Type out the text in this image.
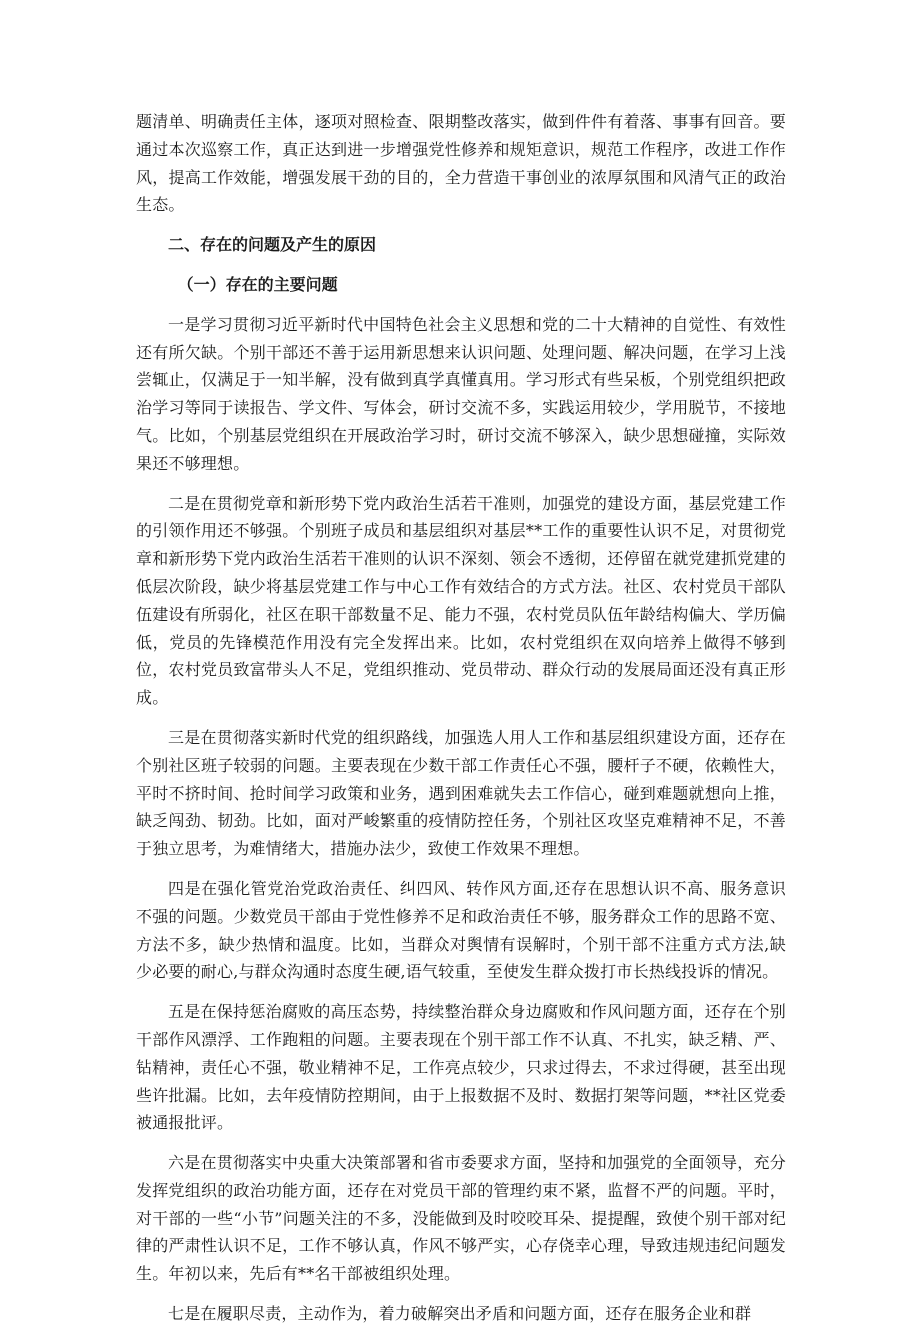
题清单、明确责任主体，逐项对照检查、限期整改落实，做到件件有着落、事事有回音。要通过本次巡察工作，真正达到进一步增强党性修养和规矩意识，规范工作程序，改进工作作风，提高工作效能，增强发展干劲的目的，全力营造干事创业的浓厚氛围和风清气正的政治生态。

二、存在的问题及产生的原因

（一）存在的主要问题

一是学习贯彻习近平新时代中国特色社会主义思想和党的二十大精神的自觉性、有效性还有所欠缺。个别干部还不善于运用新思想来认识问题、处理问题、解决问题，在学习上浅尝辄止，仅满足于一知半解，没有做到真学真懂真用。学习形式有些呆板，个别党组织把政治学习等同于读报告、学文件、写体会，研讨交流不多，实践运用较少，学用脱节，不接地气。比如，个别基层党组织在开展政治学习时，研讨交流不够深入，缺少思想碰撞，实际效果还不够理想。

二是在贯彻党章和新形势下党内政治生活若干准则，加强党的建设方面，基层党建工作的引领作用还不够强。个别班子成员和基层组织对基层**工作的重要性认识不足，对贯彻党章和新形势下党内政治生活若干准则的认识不深刻、领会不透彻，还停留在就党建抓党建的低层次阶段，缺少将基层党建工作与中心工作有效结合的方式方法。社区、农村党员干部队伍建设有所弱化，社区在职干部数量不足、能力不强，农村党员队伍年龄结构偏大、学历偏低，党员的先锋模范作用没有完全发挥出来。比如，农村党组织在双向培养上做得不够到位，农村党员致富带头人不足，党组织推动、党员带动、群众行动的发展局面还没有真正形成。

三是在贯彻落实新时代党的组织路线，加强选人用人工作和基层组织建设方面，还存在个别社区班子较弱的问题。主要表现在少数干部工作责任心不强，腰杆子不硬，依赖性大，平时不挤时间、抢时间学习政策和业务，遇到困难就失去工作信心，碰到难题就想向上推，缺乏闯劲、韧劲。比如，面对严峻繁重的疫情防控任务，个别社区攻坚克难精神不足，不善于独立思考，为难情绪大，措施办法少，致使工作效果不理想。

四是在强化管党治党政治责任、纠四风、转作风方面,还存在思想认识不高、服务意识不强的问题。少数党员干部由于党性修养不足和政治责任不够，服务群众工作的思路不宽、方法不多，缺少热情和温度。比如，当群众对舆情有误解时，个别干部不注重方式方法,缺少必要的耐心,与群众沟通时态度生硬,语气较重，至使发生群众拨打市长热线投诉的情况。

五是在保持惩治腐败的高压态势，持续整治群众身边腐败和作风问题方面，还存在个别干部作风漂浮、工作跑粗的问题。主要表现在个别干部工作不认真、不扎实，缺乏精、严、钻精神，责任心不强，敬业精神不足，工作亮点较少，只求过得去，不求过得硬，甚至出现些许批漏。比如，去年疫情防控期间，由于上报数据不及时、数据打架等问题，**社区党委被通报批评。

六是在贯彻落实中央重大决策部署和省市委要求方面，坚持和加强党的全面领导，充分发挥党组织的政治功能方面，还存在对党员干部的管理约束不紧，监督不严的问题。平时，对干部的一些“小节”问题关注的不多，没能做到及时咬咬耳朵、提提醒，致使个别干部对纪律的严肃性认识不足，工作不够认真，作风不够严实，心存侥幸心理，导致违规违纪问题发生。年初以来，先后有**名干部被组织处理。

七是在履职尽责，主动作为，着力破解突出矛盾和问题方面，还存在服务企业和群
